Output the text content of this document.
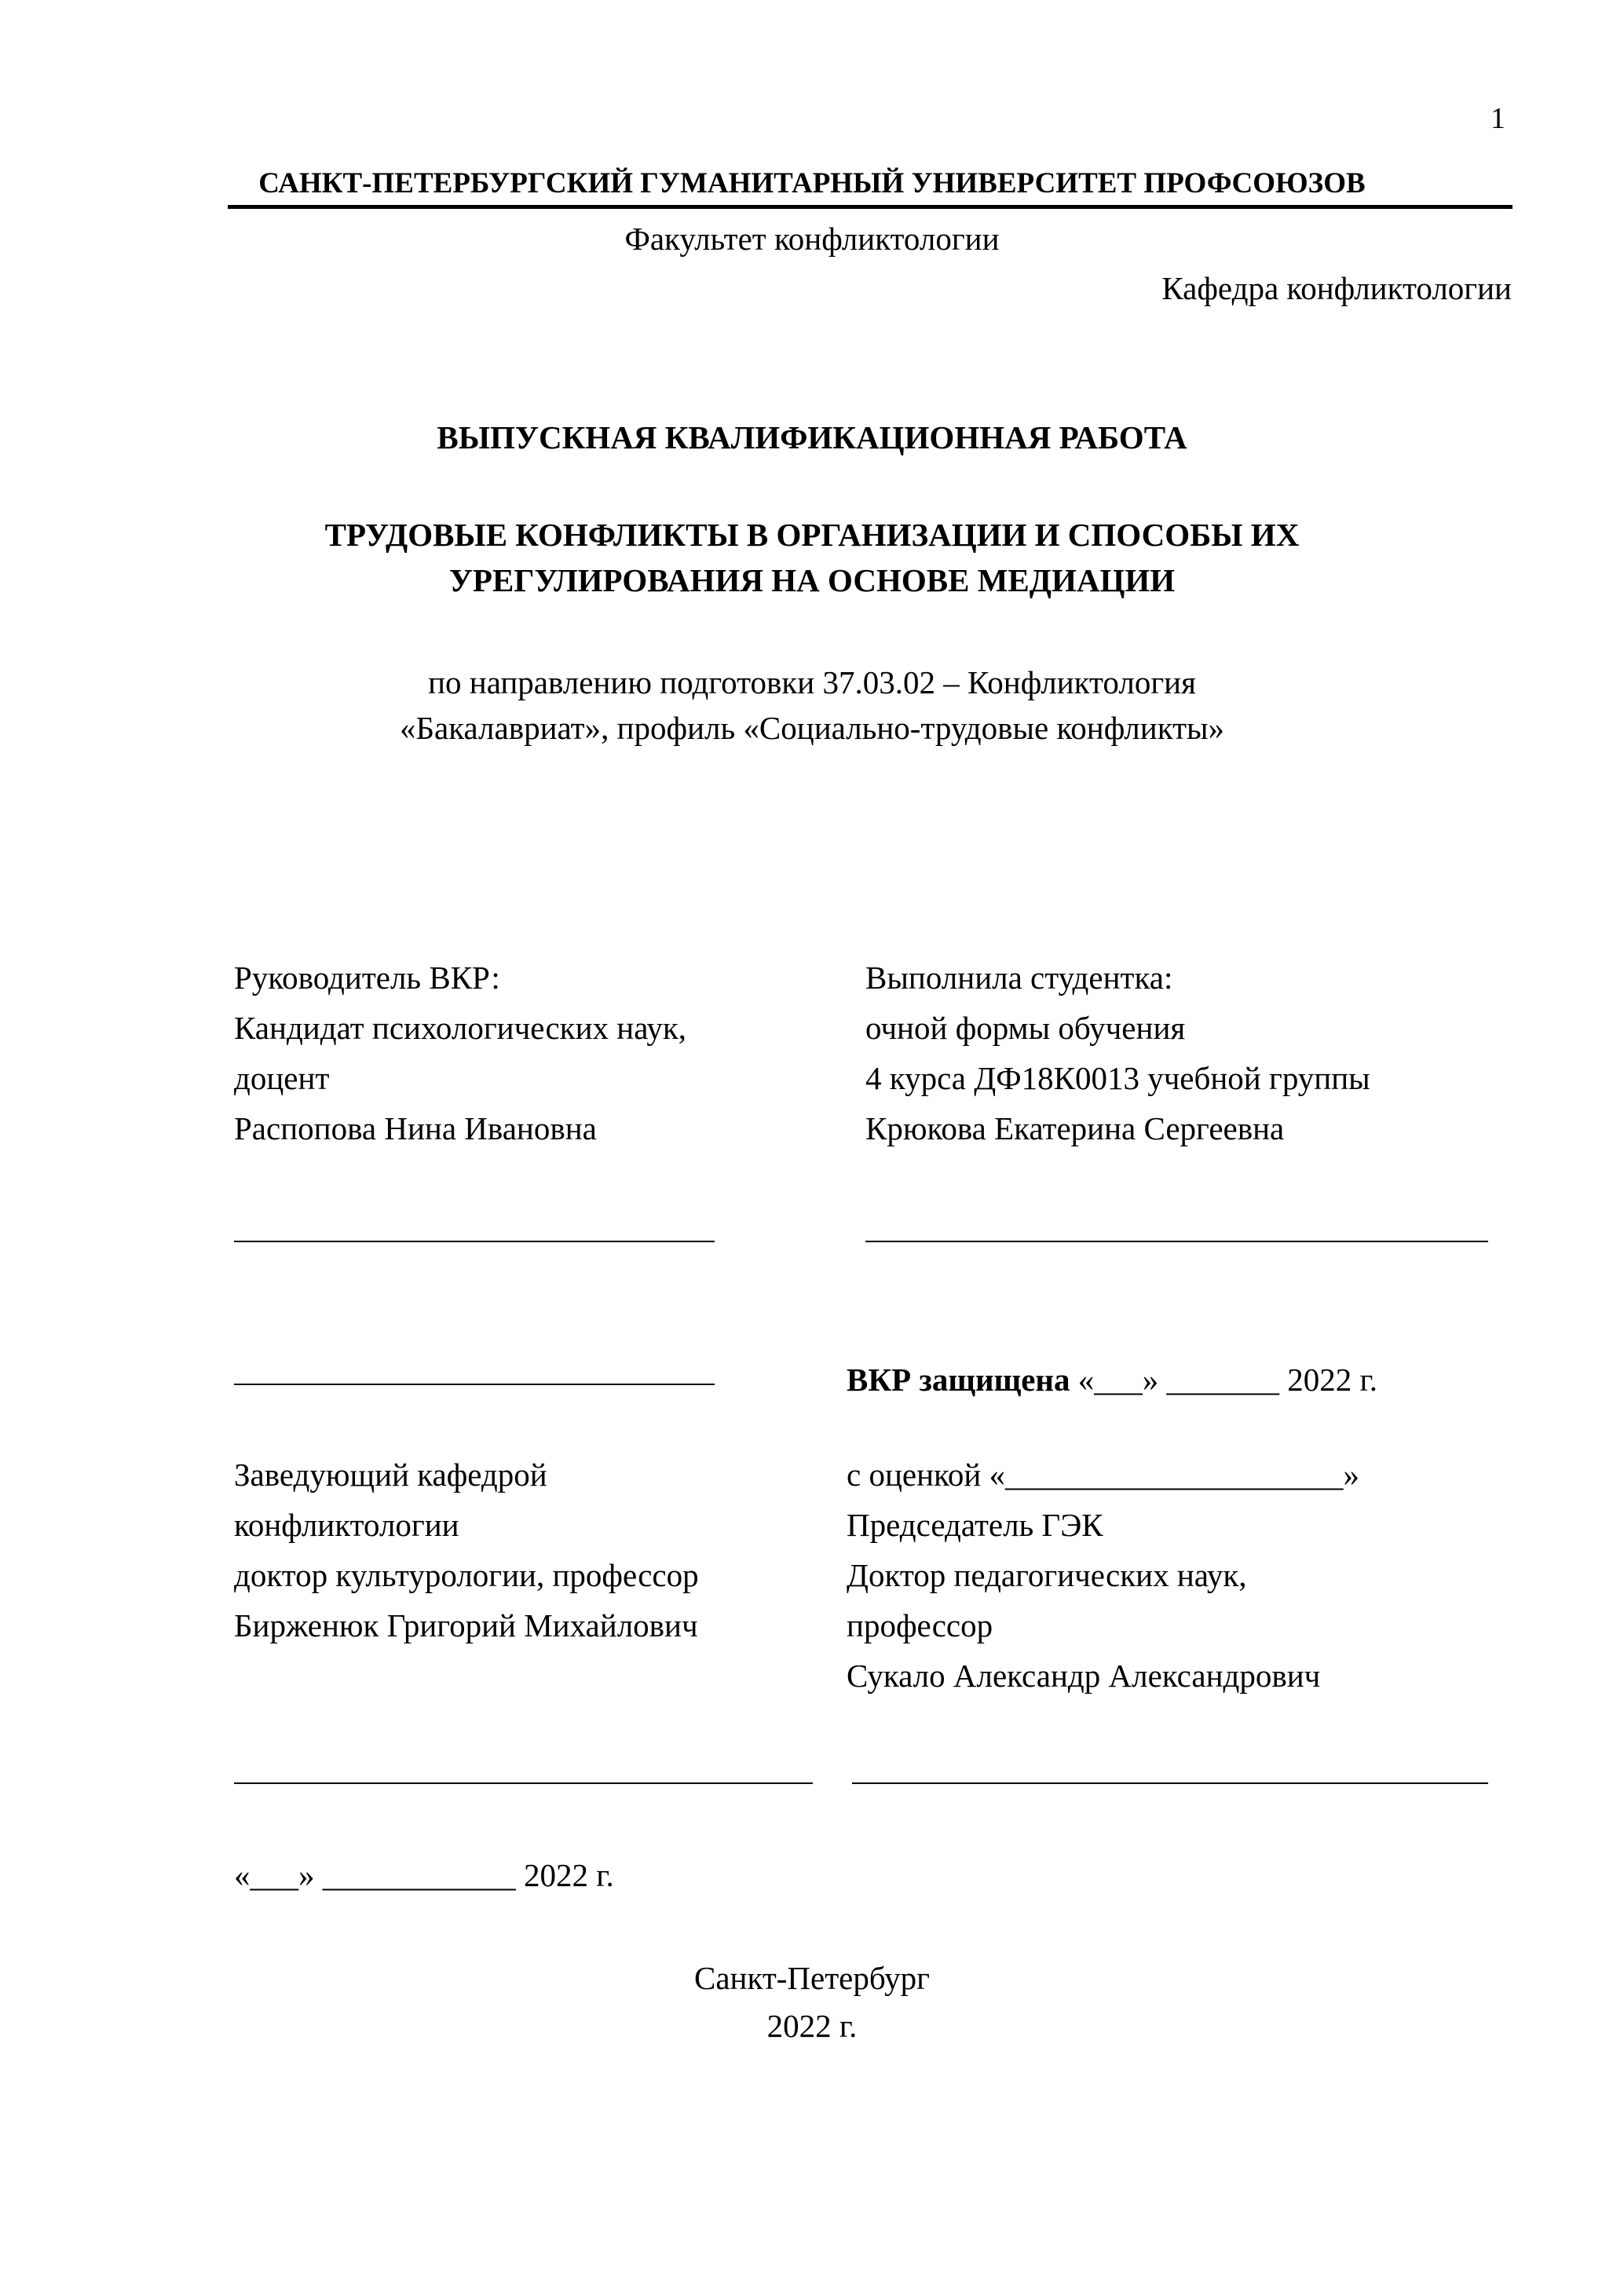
1
САНКТ-ПЕТЕРБУРГСКИЙ ГУМАНИТАРНЫЙ УНИВЕРСИТЕТ ПРОФСОЮЗОВ
Факультет конфликтологии
Кафедра конфликтологии
ВЫПУСКНАЯ КВАЛИФИКАЦИОННАЯ РАБОТА
ТРУДОВЫЕ КОНФЛИКТЫ В ОРГАНИЗАЦИИ И СПОСОБЫ ИХ
УРЕГУЛИРОВАНИЯ НА ОСНОВЕ МЕДИАЦИИ
по направлению подготовки 37.03.02 – Конфликтология
«Бакалавриат», профиль «Социально-трудовые конфликты»
Руководитель ВКР:
Кандидат психологических наук,
доцент
Распопова Нина Ивановна
Выполнила студентка:
очной формы обучения
4 курса ДФ18К0013 учебной группы
Крюкова Екатерина Сергеевна
ВКР защищена «___» _______ 2022 г.
Заведующий кафедрой
конфликтологии
доктор культурологии, профессор
Бирженюк Григорий Михайлович
с оценкой «_____________________»
Председатель ГЭК
Доктор педагогических наук,
профессор
Сукало Александр Александрович
«___» ____________ 2022 г.
Санкт-Петербург
2022 г.
